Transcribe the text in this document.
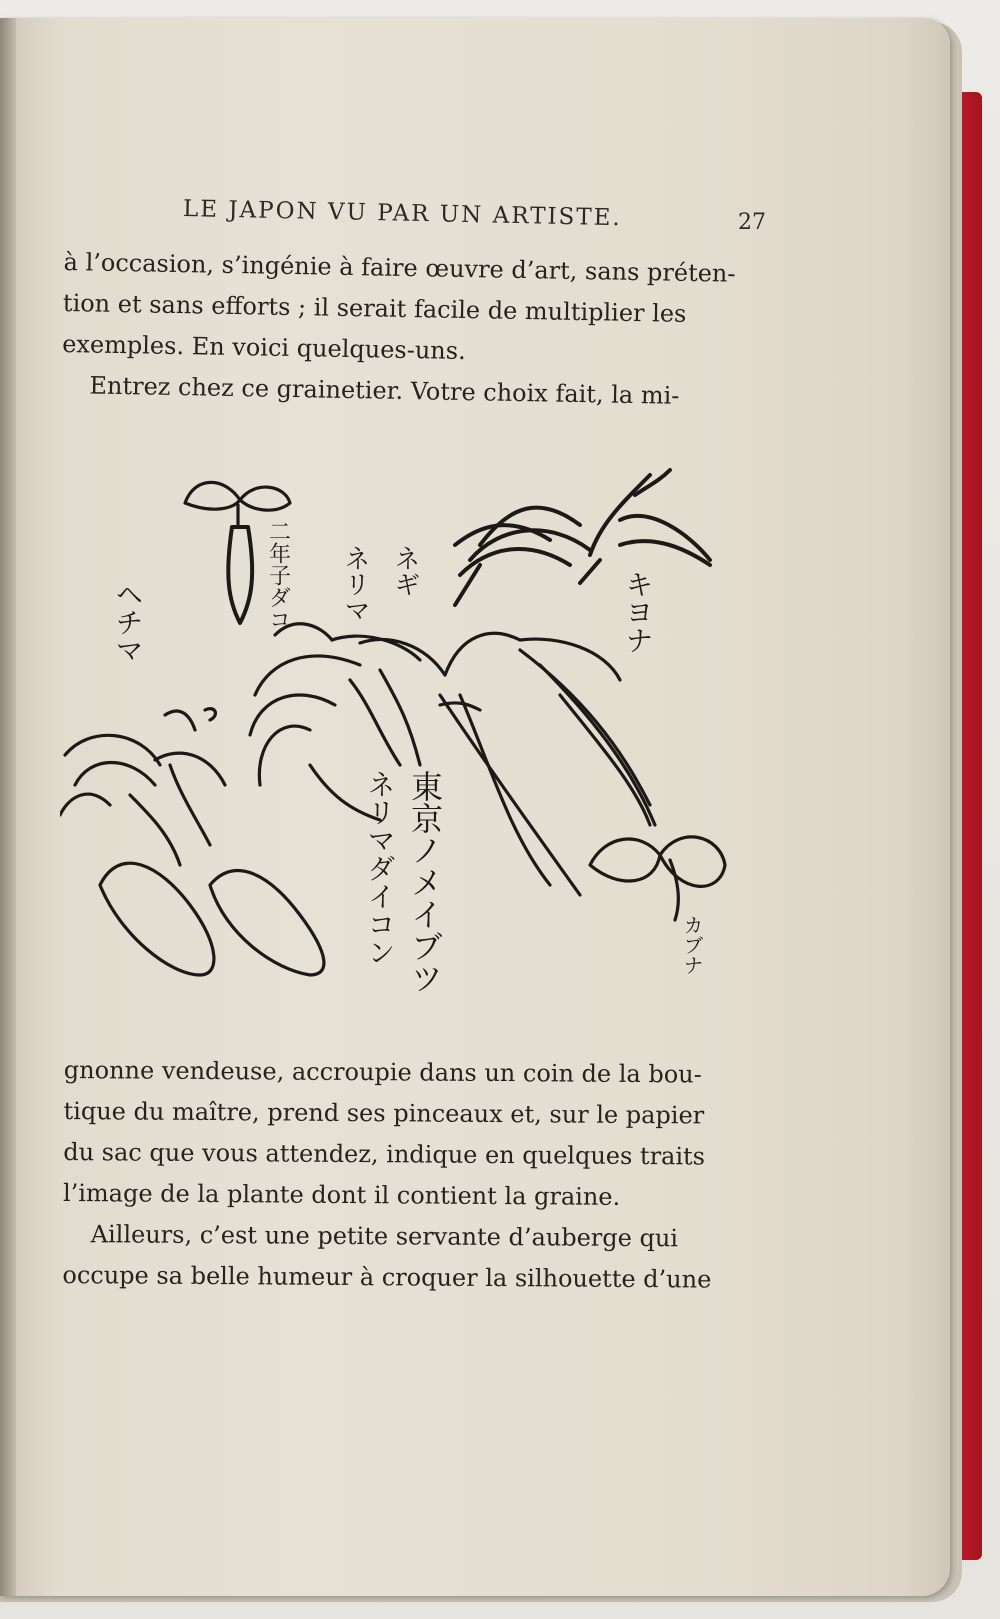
LE JAPON VU PAR UN ARTISTE.	27
à l’occasion, s’ingénie à faire œuvre d’art, sans préten-
tion et sans efforts ; il serait facile de multiplier les
exemples. En voici quelques-uns.
Entrez chez ce grainetier. Votre choix fait, la mi-
ヘチマ	二年子ダコ	ネギ
ネリマ	キヨナ
東京ノメイブツ
ネリマダイコン	カブナ
gnonne vendeuse, accroupie dans un coin de la bou-
tique du maître, prend ses pinceaux et, sur le papier
du sac que vous attendez, indique en quelques traits
l’image de la plante dont il contient la graine.
Ailleurs, c’est une petite servante d’auberge qui
occupe sa belle humeur à croquer la silhouette d’une
